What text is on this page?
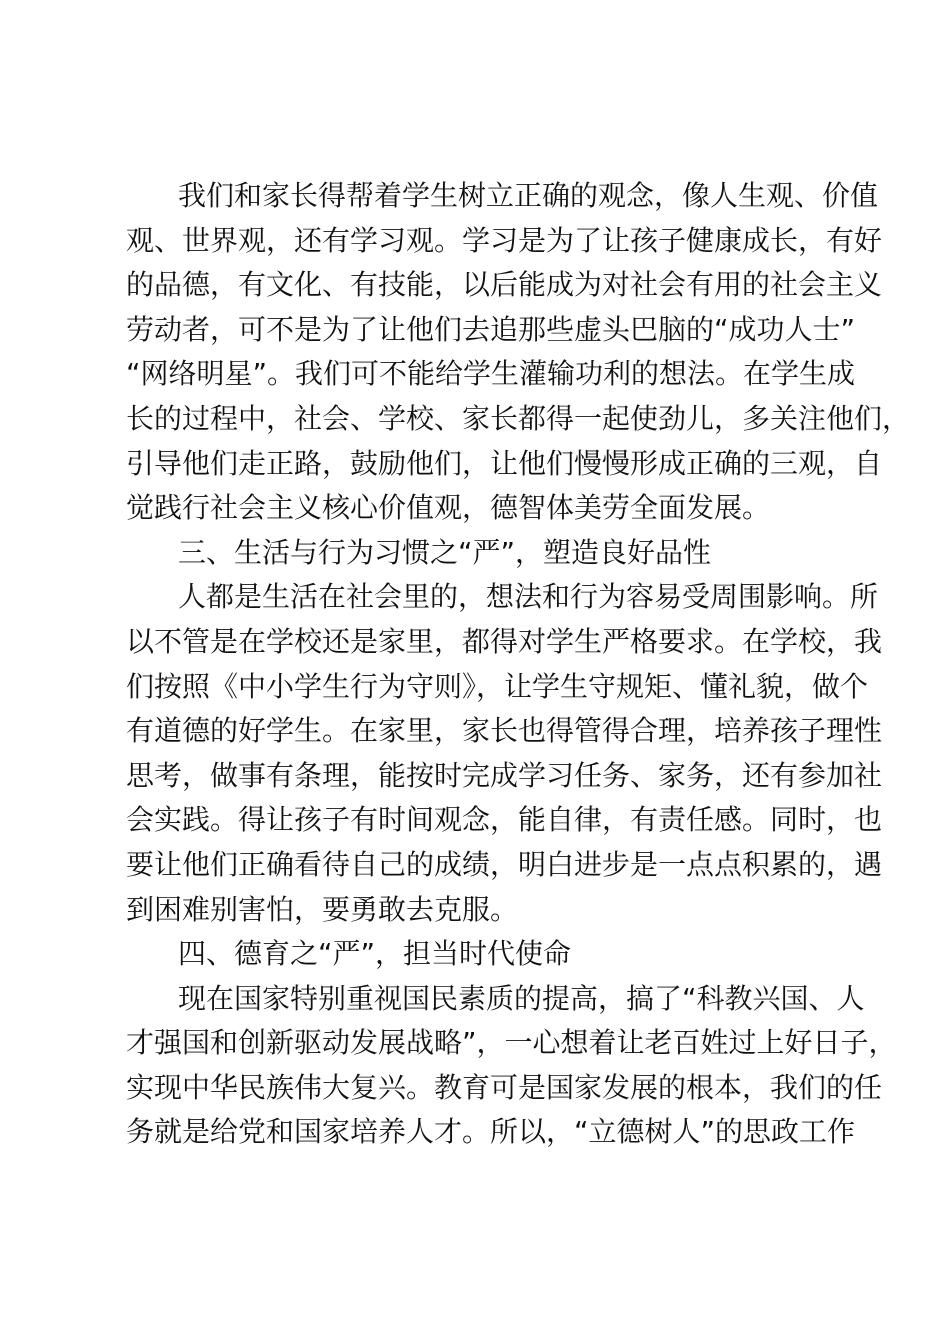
我们和家长得帮着学生树立正确的观念，像人生观、价值
观、世界观，还有学习观。学习是为了让孩子健康成长，有好
的品德，有文化、有技能，以后能成为对社会有用的社会主义
劳动者，可不是为了让他们去追那些虚头巴脑的“成功人士”
“网络明星”。我们可不能给学生灌输功利的想法。在学生成
长的过程中，社会、学校、家长都得一起使劲儿，多关注他们，
引导他们走正路，鼓励他们，让他们慢慢形成正确的三观，自
觉践行社会主义核心价值观，德智体美劳全面发展。
三、生活与行为习惯之“严”，塑造良好品性
人都是生活在社会里的，想法和行为容易受周围影响。所
以不管是在学校还是家里，都得对学生严格要求。在学校，我
们按照《中小学生行为守则》，让学生守规矩、懂礼貌，做个
有道德的好学生。在家里，家长也得管得合理，培养孩子理性
思考，做事有条理，能按时完成学习任务、家务，还有参加社
会实践。得让孩子有时间观念，能自律，有责任感。同时，也
要让他们正确看待自己的成绩，明白进步是一点点积累的，遇
到困难别害怕，要勇敢去克服。
四、德育之“严”，担当时代使命
现在国家特别重视国民素质的提高，搞了“科教兴国、人
才强国和创新驱动发展战略”，一心想着让老百姓过上好日子，
实现中华民族伟大复兴。教育可是国家发展的根本，我们的任
务就是给党和国家培养人才。所以，“立德树人”的思政工作
